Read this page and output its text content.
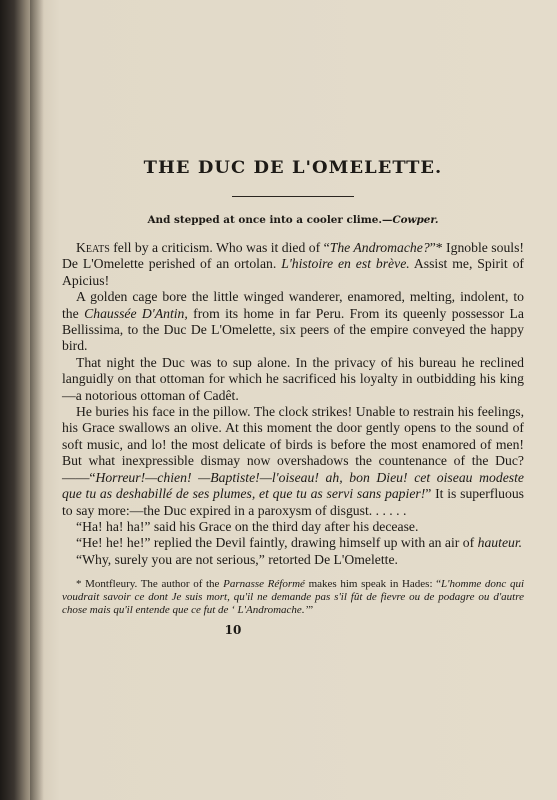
THE DUC DE L'OMELETTE.
And stepped at once into a cooler clime.—Cowper.

Keats fell by a criticism. Who was it died of “The Andromache?”* Ignoble souls! De L'Omelette perished of an ortolan. L'histoire en est brève. Assist me, Spirit of Apicius!

A golden cage bore the little winged wanderer, enamored, melting, indolent, to the Chaussée D'Antin, from its home in far Peru. From its queenly possessor La Bellissima, to the Duc De L'Omelette, six peers of the empire conveyed the happy bird.

That night the Duc was to sup alone. In the privacy of his bureau he reclined languidly on that ottoman for which he sacrificed his loyalty in outbidding his king—a notorious ottoman of Cadêt.

He buries his face in the pillow. The clock strikes! Unable to restrain his feelings, his Grace swallows an olive. At this moment the door gently opens to the sound of soft music, and lo! the most delicate of birds is before the most enamored of men! But what inexpressible dismay now overshadows the countenance of the Duc?——“Horreur!—chien! —Baptiste!—l'oiseau! ah, bon Dieu! cet oiseau modeste que tu as deshabillé de ses plumes, et que tu as servi sans papier!” It is superfluous to say more:—the Duc expired in a paroxysm of disgust. . . . . .

“Ha! ha! ha!” said his Grace on the third day after his decease.

“He! he! he!” replied the Devil faintly, drawing himself up with an air of hauteur.

“Why, surely you are not serious,” retorted De L'Omelette.

* Montfleury. The author of the Parnasse Réformé makes him speak in Hades: “L'homme donc qui voudrait savoir ce dont Je suis mort, qu'il ne demande pas s'il fût de fievre ou de podagre ou d'autre chose mais qu'il entende que ce fut de ‘ L'Andromache.’”

10
